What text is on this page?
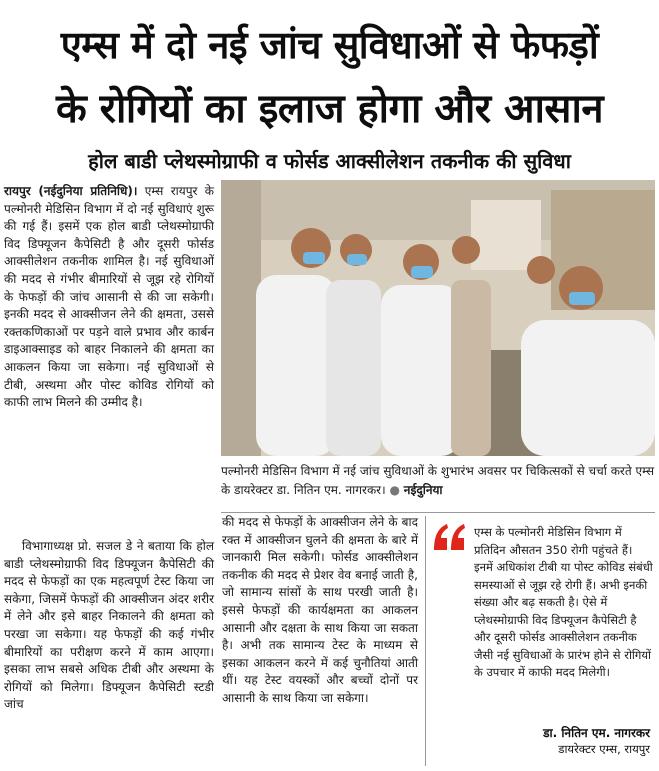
एम्स में दो नई जांच सुविधाओं से फेफड़ों
के रोगियों का इलाज होगा और आसान
होल बाडी प्लेथस्मोग्राफी व फोर्सड आक्सीलेशन तकनीक की सुविधा

रायपुर (नईदुनिया प्रतिनिधि)। एम्स रायपुर के पल्मोनरी मेडिसिन विभाग में दो नई सुविधाएं शुरू की गई हैं। इसमें एक होल बाडी प्लेथस्मोग्राफी विद डिफ्यूजन कैपेसिटी है और दूसरी फोर्सड आक्सीलेशन तकनीक शामिल है। नई सुविधाओं की मदद से गंभीर बीमारियों से जूझ रहे रोगियों के फेफड़ों की जांच आसानी से की जा सकेगी। इनकी मदद से आक्सीजन लेने की क्षमता, उससे रक्तकणिकाओं पर पड़ने वाले प्रभाव और कार्बन डाइआक्साइड को बाहर निकालने की क्षमता का आकलन किया जा सकेगा। नई सुविधाओं से टीबी, अस्थमा और पोस्ट कोविड रोगियों को काफी लाभ मिलने की उम्मीद है।

विभागाध्यक्ष प्रो. सजल डे ने बताया कि होल बाडी प्लेथस्मोग्राफी विद डिफ्यूजन कैपेसिटी की मदद से फेफड़ों का एक महत्वपूर्ण टेस्ट किया जा सकेगा, जिसमें फेफड़ों की आक्सीजन अंदर शरीर में लेने और इसे बाहर निकालने की क्षमता को परखा जा सकेगा। यह फेफड़ों की कई गंभीर बीमारियों का परीक्षण करने में काम आएगा। इसका लाभ सबसे अधिक टीबी और अस्थमा के रोगियों को मिलेगा। डिफ्यूजन कैपेसिटी स्टडी जांच

की मदद से फेफड़ों के आक्सीजन लेने के बाद रक्त में आक्सीजन घुलने की क्षमता के बारे में जानकारी मिल सकेगी। फोर्सड आक्सीलेशन तकनीक की मदद से प्रेशर वेव बनाई जाती है, जो सामान्य सांसों के साथ परखी जाती है। इससे फेफड़ों की कार्यक्षमता का आकलन आसानी और दक्षता के साथ किया जा सकता है। अभी तक सामान्य टेस्ट के माध्यम से इसका आकलन करने में कई चुनौतियां आती थीं। यह टेस्ट वयस्कों और बच्चों दोनों पर आसानी के साथ किया जा सकेगा।

पल्मोनरी मेडिसिन विभाग में नई जांच सुविधाओं के शुभारंभ अवसर पर चिकित्सकों से चर्चा करते एम्स के डायरेक्टर डा. नितिन एम. नागरकर। ● नईदुनिया
एम्स के पल्मोनरी मेडिसिन विभाग में प्रतिदिन औसतन 350 रोगी पहुंचते हैं। इनमें अधिकांश टीबी या पोस्ट कोविड संबंधी समस्याओं से जूझ रहे रोगी हैं। अभी इनकी संख्या और बढ़ सकती है। ऐसे में प्लेथस्मोग्राफी विद डिफ्यूजन कैपेसिटी है और दूसरी फोर्सड आक्सीलेशन तकनीक जैसी नई सुविधाओं के प्रारंभ होने से रोगियों के उपचार में काफी मदद मिलेगी।
डा. नितिन एम. नागरकर
डायरेक्टर एम्स, रायपुर
